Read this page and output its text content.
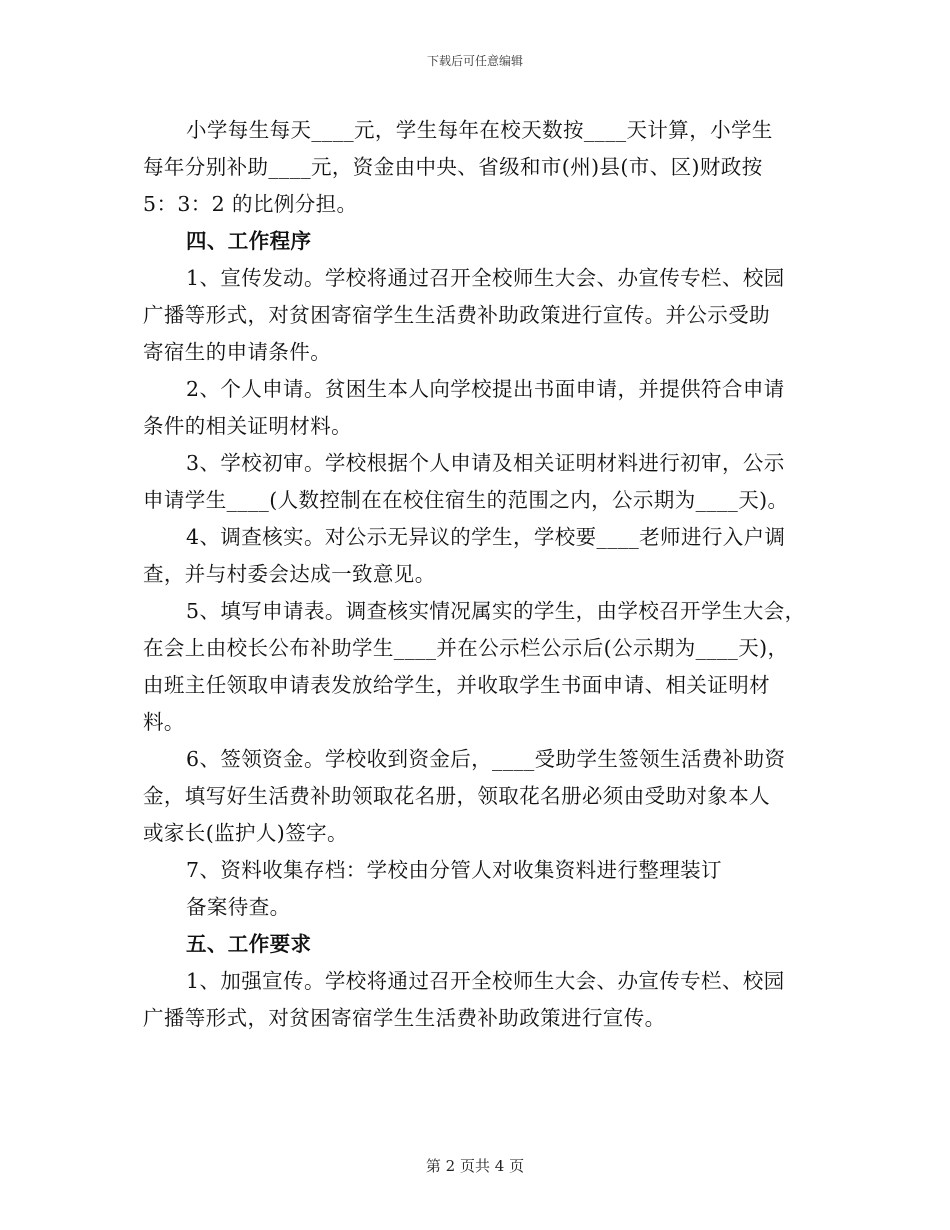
下载后可任意编辑
小学每生每天____元，学生每年在校天数按____天计算，小学生
每年分别补助____元，资金由中央、省级和市(州)县(市、区)财政按
5：3：2 的比例分担。
四、工作程序
1、宣传发动。学校将通过召开全校师生大会、办宣传专栏、校园
广播等形式，对贫困寄宿学生生活费补助政策进行宣传。并公示受助
寄宿生的申请条件。
2、个人申请。贫困生本人向学校提出书面申请，并提供符合申请
条件的相关证明材料。
3、学校初审。学校根据个人申请及相关证明材料进行初审，公示
申请学生____(人数控制在在校住宿生的范围之内，公示期为____天)。
4、调查核实。对公示无异议的学生，学校要____老师进行入户调
查，并与村委会达成一致意见。
5、填写申请表。调查核实情况属实的学生，由学校召开学生大会，
在会上由校长公布补助学生____并在公示栏公示后(公示期为____天)，
由班主任领取申请表发放给学生，并收取学生书面申请、相关证明材
料。
6、签领资金。学校收到资金后，____受助学生签领生活费补助资
金，填写好生活费补助领取花名册，领取花名册必须由受助对象本人
或家长(监护人)签字。
7、资料收集存档：学校由分管人对收集资料进行整理装订
备案待查。
五、工作要求
1、加强宣传。学校将通过召开全校师生大会、办宣传专栏、校园
广播等形式，对贫困寄宿学生生活费补助政策进行宣传。
第 2 页共 4 页
